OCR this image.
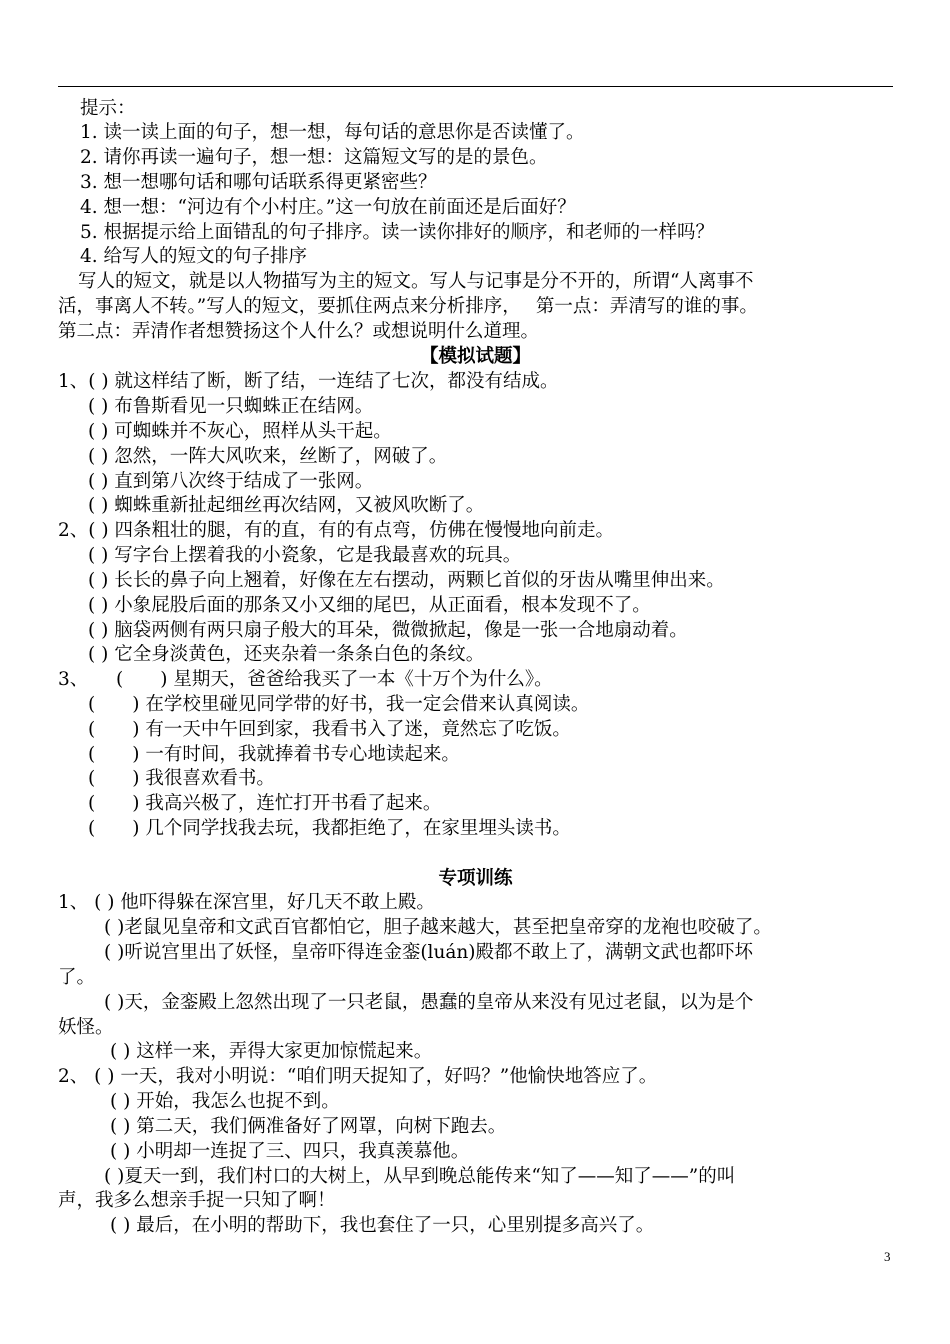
提示：
1. 读一读上面的句子，想一想，每句话的意思你是否读懂了。
2. 请你再读一遍句子，想一想：这篇短文写的是的景色。
3. 想一想哪句话和哪句话联系得更紧密些？
4. 想一想：“河边有个小村庄。”这一句放在前面还是后面好？
5. 根据提示给上面错乱的句子排序。读一读你排好的顺序，和老师的一样吗？
4. 给写人的短文的句子排序
写人的短文，就是以人物描写为主的短文。写人与记事是分不开的，所谓“人离事不
活，事离人不转。”写人的短文，要抓住两点来分析排序，　 第一点：弄清写的谁的事。
第二点：弄清作者想赞扬这个人什么？或想说明什么道理。
【模拟试题】
1、( ) 就这样结了断，断了结，一连结了七次，都没有结成。
( ) 布鲁斯看见一只蜘蛛正在结网。
( ) 可蜘蛛并不灰心，照样从头干起。
( ) 忽然，一阵大风吹来，丝断了，网破了。
( ) 直到第八次终于结成了一张网。
( ) 蜘蛛重新扯起细丝再次结网，又被风吹断了。
2、( ) 四条粗壮的腿，有的直，有的有点弯，仿佛在慢慢地向前走。
( ) 写字台上摆着我的小瓷象，它是我最喜欢的玩具。
( ) 长长的鼻子向上翘着，好像在左右摆动，两颗匕首似的牙齿从嘴里伸出来。
( ) 小象屁股后面的那条又小又细的尾巴，从正面看，根本发现不了。
( ) 脑袋两侧有两只扇子般大的耳朵，微微掀起，像是一张一合地扇动着。
( ) 它全身淡黄色，还夹杂着一条条白色的条纹。
3、　　(　　) 星期天，爸爸给我买了一本《十万个为什么》。
(　　) 在学校里碰见同学带的好书，我一定会借来认真阅读。
(　　) 有一天中午回到家，我看书入了迷，竟然忘了吃饭。
(　　) 一有时间，我就捧着书专心地读起来。
(　　) 我很喜欢看书。
(　　) 我高兴极了，连忙打开书看了起来。
(　　) 几个同学找我去玩，我都拒绝了，在家里埋头读书。
专项训练
1、 ( ) 他吓得躲在深宫里，好几天不敢上殿。
( )老鼠见皇帝和文武百官都怕它，胆子越来越大，甚至把皇帝穿的龙袍也咬破了。
( )听说宫里出了妖怪，皇帝吓得连金銮(luán)殿都不敢上了，满朝文武也都吓坏
了。
( )天，金銮殿上忽然出现了一只老鼠，愚蠢的皇帝从来没有见过老鼠，以为是个
妖怪。
( ) 这样一来，弄得大家更加惊慌起来。
2、 ( ) 一天，我对小明说：“咱们明天捉知了，好吗？”他愉快地答应了。
( ) 开始，我怎么也捉不到。
( ) 第二天，我们俩准备好了网罩，向树下跑去。
( ) 小明却一连捉了三、四只，我真羡慕他。
( )夏天一到，我们村口的大树上，从早到晚总能传来“知了——知了——”的叫
声，我多么想亲手捉一只知了啊！
( ) 最后，在小明的帮助下，我也套住了一只，心里别提多高兴了。
3
